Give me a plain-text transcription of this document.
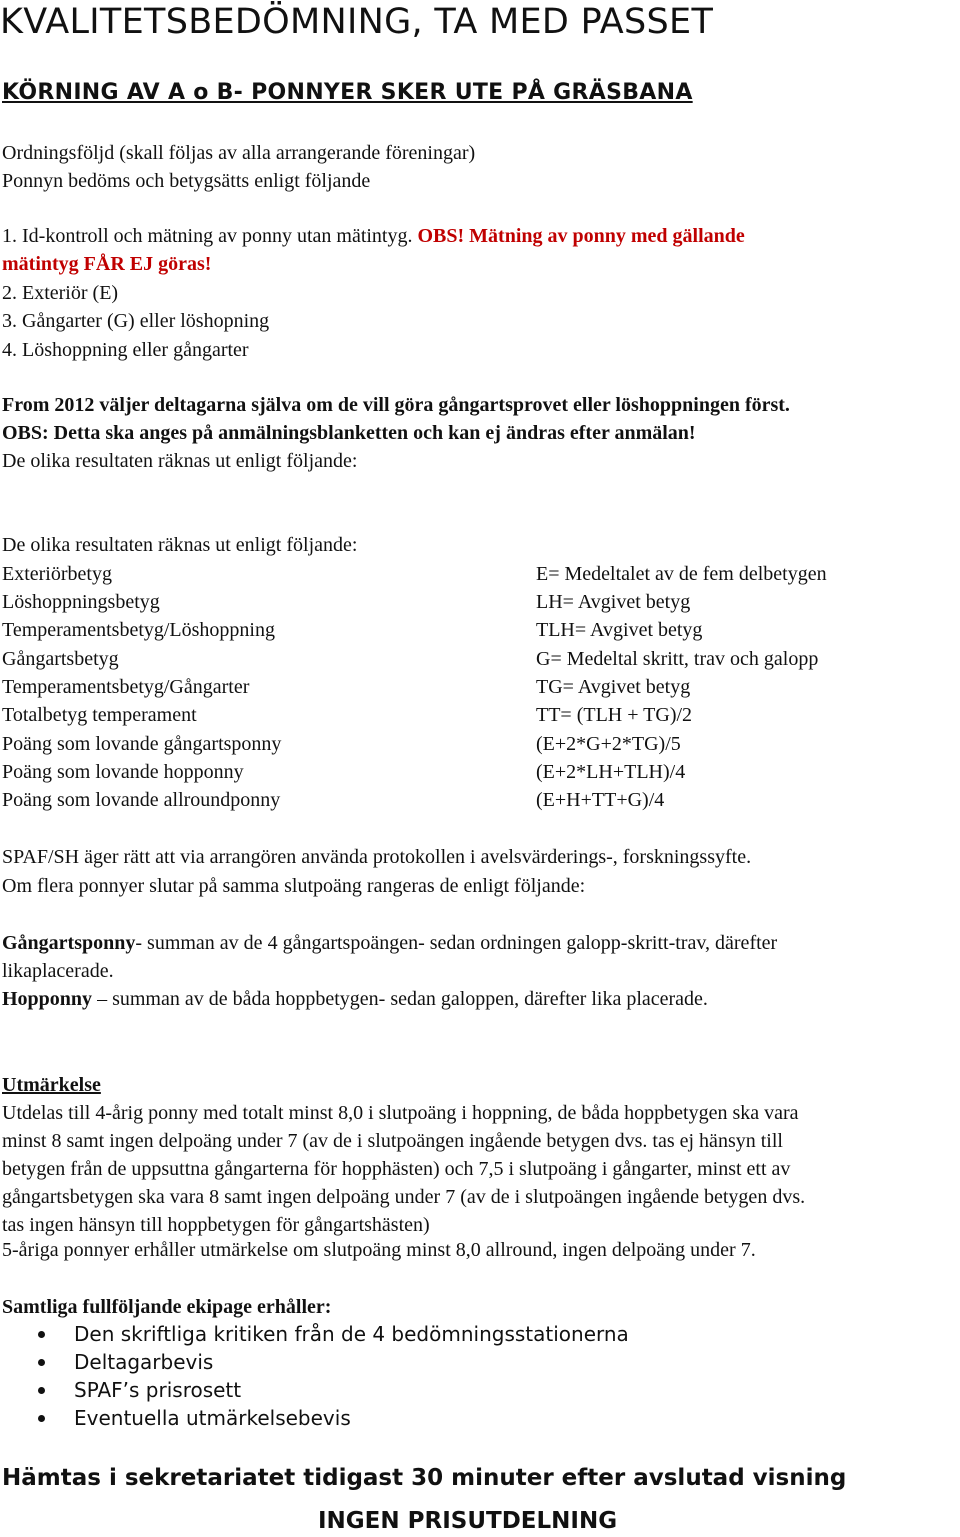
KVALITETSBEDÖMNING, TA MED PASSET
KÖRNING AV A o B- PONNYER SKER UTE PÅ GRÄSBANA
Ordningsföljd (skall följas av alla arrangerande föreningar)
Ponnyn bedöms och betygsätts enligt följande
1. Id-kontroll och mätning av ponny utan mätintyg. OBS! Mätning av ponny med gällande
mätintyg FÅR EJ göras!
2. Exteriör (E)
3. Gångarter (G) eller löshopning
4. Löshoppning eller gångarter
From 2012 väljer deltagarna själva om de vill göra gångartsprovet eller löshoppningen först.
OBS: Detta ska anges på anmälningsblanketten och kan ej ändras efter anmälan!
De olika resultaten räknas ut enligt följande:
De olika resultaten räknas ut enligt följande:
Exteriörbetyg	E= Medeltalet av de fem delbetygen
Löshoppningsbetyg	LH= Avgivet betyg
Temperamentsbetyg/Löshoppning	TLH= Avgivet betyg
Gångartsbetyg	G= Medeltal skritt, trav och galopp
Temperamentsbetyg/Gångarter	TG= Avgivet betyg
Totalbetyg temperament	TT= (TLH + TG)/2
Poäng som lovande gångartsponny	(E+2*G+2*TG)/5
Poäng som lovande hopponny	(E+2*LH+TLH)/4
Poäng som lovande allroundponny	(E+H+TT+G)/4
SPAF/SH äger rätt att via arrangören använda protokollen i avelsvärderings-, forskningssyfte.
Om flera ponnyer slutar på samma slutpoäng rangeras de enligt följande:
Gångartsponny- summan av de 4 gångartspoängen- sedan ordningen galopp-skritt-trav, därefter
likaplacerade.
Hopponny – summan av de båda hoppbetygen- sedan galoppen, därefter lika placerade.
Utmärkelse
Utdelas till 4-årig ponny med totalt minst 8,0 i slutpoäng i hoppning, de båda hoppbetygen ska vara
minst 8 samt ingen delpoäng under 7 (av de i slutpoängen ingående betygen dvs. tas ej hänsyn till
betygen från de uppsuttna gångarterna för hopphästen) och 7,5 i slutpoäng i gångarter, minst ett av
gångartsbetygen ska vara 8 samt ingen delpoäng under 7 (av de i slutpoängen ingående betygen dvs.
tas ingen hänsyn till hoppbetygen för gångartshästen)
5-åriga ponnyer erhåller utmärkelse om slutpoäng minst 8,0 allround, ingen delpoäng under 7.
Samtliga fullföljande ekipage erhåller:
Den skriftliga kritiken från de 4 bedömningsstationerna
Deltagarbevis
SPAF’s prisrosett
Eventuella utmärkelsebevis
Hämtas i sekretariatet tidigast 30 minuter efter avslutad visning
INGEN PRISUTDELNING
